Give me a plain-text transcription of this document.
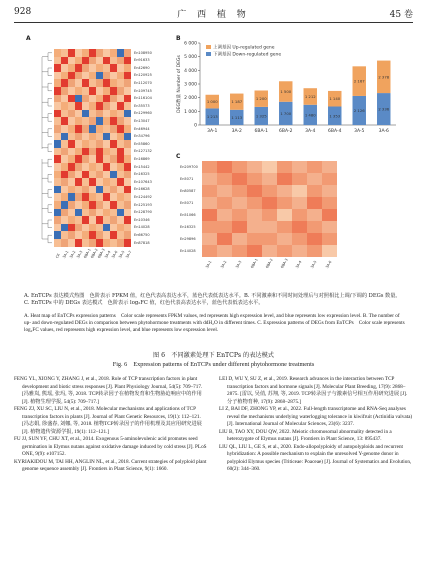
928	广 西 植 物	45 卷
A
En108950
En91633
En42690
En120925
En112070
En109745
En116104
En35573
En129960
En13047
En46944
En34796
En55860
En127132
En16869
En15442
En16325
En107643
En16628
En124492
En125193
En128790
En10346
En14028
En66750
En87818
CK 3A-1 3A-2 3A-3 6BA-1
6BA-2
6BA-3
3A-4 3A-6 3A-5 3A-7
B
0
1 000
2 000
3 000
4 000
5 000
6 000
DEG数量 Number of DEGs	1 000
1 213
3A-1
1 187
1 113
3A-2
1 200
1 325
6BA-1
1 500
1 700
6BA-2
1 212
1 480
3A-4
1 140
1 353
6BA-4
2 167
2 126
3A-5
2 378
2 336
3A-6
上调基因 Up-regulated gene
下调基因 Down-regulated gene
C
En209700
En5071
En80587
En5071
En51066
En16325
En29896
En14028
3A-1 3A-2 3A-3 6BA-1 6BA-2 6BA-3 3A-4 3A-5 3A-6

A. EnTCPs 表达模式热图　色阶表示 FPKM 值，红色代表高表达水平，蓝色代表低表达水平。B. 不同激素和不同时间处理后与对照相比上调/下调的 DEGs 数量。C. EnTCPs 中的 DEGs 表达模式　色阶表示 log₂FC 值，红色代表高表达水平，蓝色代表低表达水平。

A. Heat map of EnTCPs expression patterns　Color scale represents FPKM values, red represents high expression level, and blue represents low expression level. B. The number of up- and down-regulated DEGs in comparison between phytohormone treatments with ddH₂O in different times. C. Expression patterns of DEGs from EnTCPs　Color scale represents log₂FC values, red represents high expression level, and blue represents low expression level.

图 6　不同激素处理下 EnTCPs 的表达模式
Fig. 6　Expression patterns of EnTCPs under different phytohormone treatments

FENG YL, XIONG Y, ZHANG J, et al., 2018. Role of TCP transcription factors in plant development and biotic stress responses [J]. Plant Physiology Journal, 54(5): 709–717. [冯雅岚, 熊瑶, 张玛, 等, 2018. TCP转录因子在植物发育和生物胁迫响应中的作用 [J]. 植物生理学报, 54(5): 709–717.]

FENG ZJ, XU SC, LIU N, et al., 2018. Molecular mechanisms and applications of TCP transcription factors in plants [J]. Journal of Plant Genetic Resources, 19(1): 112–121. [冯志娟, 徐盛春, 刘娜, 等, 2018. 植物TCP转录因子的作用机理及其应用研究进展 [J]. 植物遗传资源学报, 19(1): 112–121.]

FU JJ, SUN YF, CHU XT, et al., 2014. Exogenous 5-aminolevulenic acid promotes seed germination in Elymus nutans against oxidative damage induced by cold stress [J]. PLoS ONE, 9(9): e107152.

KYRIAKIDOU M, TAI HH, ANGLIN NL, et al., 2018. Current strategies of polyploid plant genome sequence assembly [J]. Frontiers in Plant Science, 9(1): 1660.

LEI D, WU Y, SU Z, et al., 2019. Research advances in the interaction between TCP transcription factors and hormone signals [J]. Molecular Plant Breeding, 17(9): 2868–2875. [雷以, 吴俏, 苏翔, 等, 2019. TCP转录因子与激素信号相互作用研究进展 [J]. 分子植物育种, 17(9): 2868–2875.]

LI Z, BAI DF, ZHONG YP, et al., 2022. Full-length transcriptome and RNA-Seq analyses reveal the mechanisms underlying waterlogging tolerance in kiwifruit (Actinidia valvata) [J]. International Journal of Molecular Sciences, 23(6): 3237.

LIU B, TAO XY, DOU QW, 2022. Meiotic chromosomal abnormality detected in a heterozygote of Elymus nutans [J]. Frontiers in Plant Science, 13: 895437.

LIU QL, LIU L, GE S, et al., 2020. Endo-allopolyploidy of autopolyploids and recurrent hybridization: A possible mechanism to explain the unresolved Y-genome donor in polyploid Elymus species (Triticeae: Poaceae) [J]. Journal of Systematics and Evolution, 60(2): 344–360.
